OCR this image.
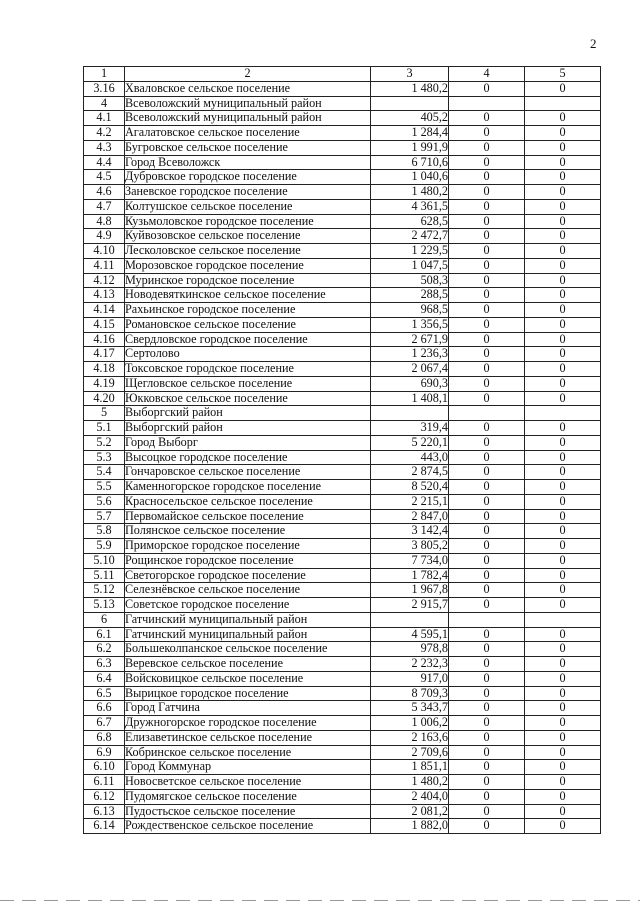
2
1	2	3	4	5
3.16	Хваловское сельское поселение	1 480,2	0	0
4	Всеволожский муниципальный район			
4.1	Всеволожский муниципальный район	405,2	0	0
4.2	Агалатовское сельское поселение	1 284,4	0	0
4.3	Бугровское сельское поселение	1 991,9	0	0
4.4	Город Всеволожск	6 710,6	0	0
4.5	Дубровское городское поселение	1 040,6	0	0
4.6	Заневское городское поселение	1 480,2	0	0
4.7	Колтушское сельское поселение	4 361,5	0	0
4.8	Кузьмоловское городское поселение	628,5	0	0
4.9	Куйвозовское сельское поселение	2 472,7	0	0
4.10	Лесколовское сельское поселение	1 229,5	0	0
4.11	Морозовское городское поселение	1 047,5	0	0
4.12	Муринское городское поселение	508,3	0	0
4.13	Новодевяткинское сельское поселение	288,5	0	0
4.14	Рахьинское городское поселение	968,5	0	0
4.15	Романовское сельское поселение	1 356,5	0	0
4.16	Свердловское городское поселение	2 671,9	0	0
4.17	Сертолово	1 236,3	0	0
4.18	Токсовское городское поселение	2 067,4	0	0
4.19	Щегловское сельское поселение	690,3	0	0
4.20	Юкковское сельское поселение	1 408,1	0	0
5	Выборгский район			
5.1	Выборгский район	319,4	0	0
5.2	Город Выборг	5 220,1	0	0
5.3	Высоцкое городское поселение	443,0	0	0
5.4	Гончаровское сельское поселение	2 874,5	0	0
5.5	Каменногорское городское поселение	8 520,4	0	0
5.6	Красносельское сельское поселение	2 215,1	0	0
5.7	Первомайское сельское поселение	2 847,0	0	0
5.8	Полянское сельское поселение	3 142,4	0	0
5.9	Приморское городское поселение	3 805,2	0	0
5.10	Рощинское городское поселение	7 734,0	0	0
5.11	Светогорское городское поселение	1 782,4	0	0
5.12	Селезнёвское сельское поселение	1 967,8	0	0
5.13	Советское городское поселение	2 915,7	0	0
6	Гатчинский муниципальный район			
6.1	Гатчинский муниципальный район	4 595,1	0	0
6.2	Большеколпанское сельское поселение	978,8	0	0
6.3	Веревское сельское поселение	2 232,3	0	0
6.4	Войсковицкое сельское поселение	917,0	0	0
6.5	Вырицкое городское поселение	8 709,3	0	0
6.6	Город Гатчина	5 343,7	0	0
6.7	Дружногорское городское поселение	1 006,2	0	0
6.8	Елизаветинское сельское поселение	2 163,6	0	0
6.9	Кобринское сельское поселение	2 709,6	0	0
6.10	Город Коммунар	1 851,1	0	0
6.11	Новосветское сельское поселение	1 480,2	0	0
6.12	Пудомягское сельское поселение	2 404,0	0	0
6.13	Пудостьское сельское поселение	2 081,2	0	0
6.14	Рождественское сельское поселение	1 882,0	0	0
